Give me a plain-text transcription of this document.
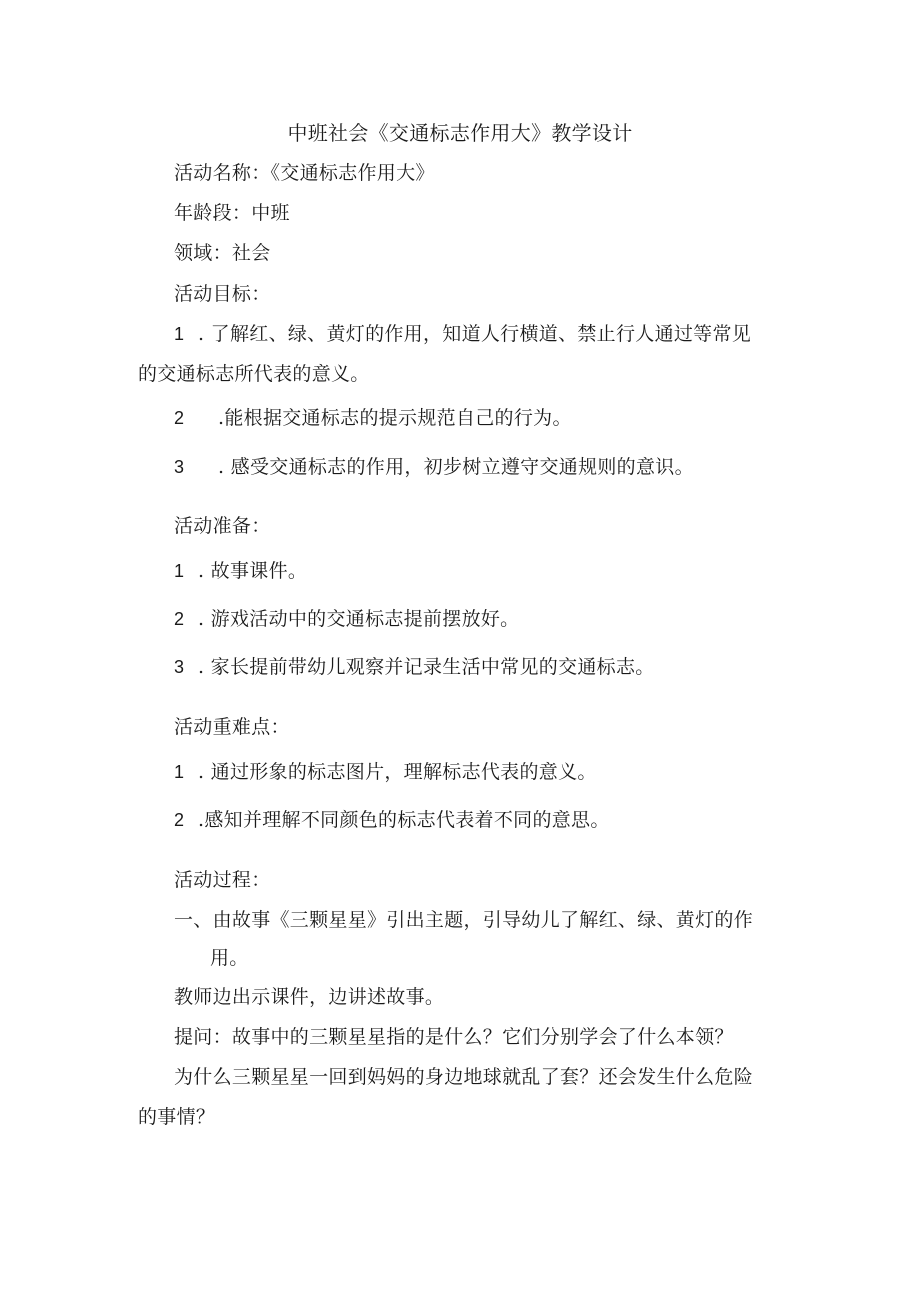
中班社会《交通标志作用大》教学设计
活动名称：《交通标志作用大》
年龄段：中班
领域：社会
活动目标：
1 . 了解红、绿、黄灯的作用，知道人行横道、禁止行人通过等常见
的交通标志所代表的意义。
2 .能根据交通标志的提示规范自己的行为。
3 . 感受交通标志的作用，初步树立遵守交通规则的意识。
活动准备：
1 . 故事课件。
2 . 游戏活动中的交通标志提前摆放好。
3 . 家长提前带幼儿观察并记录生活中常见的交通标志。
活动重难点：
1 . 通过形象的标志图片，理解标志代表的意义。
2 .感知并理解不同颜色的标志代表着不同的意思。
活动过程：
一、由故事《三颗星星》引出主题，引导幼儿了解红、绿、黄灯的作
用。
教师边出示课件，边讲述故事。
提问：故事中的三颗星星指的是什么？它们分别学会了什么本领？
为什么三颗星星一回到妈妈的身边地球就乱了套？还会发生什么危险
的事情？
